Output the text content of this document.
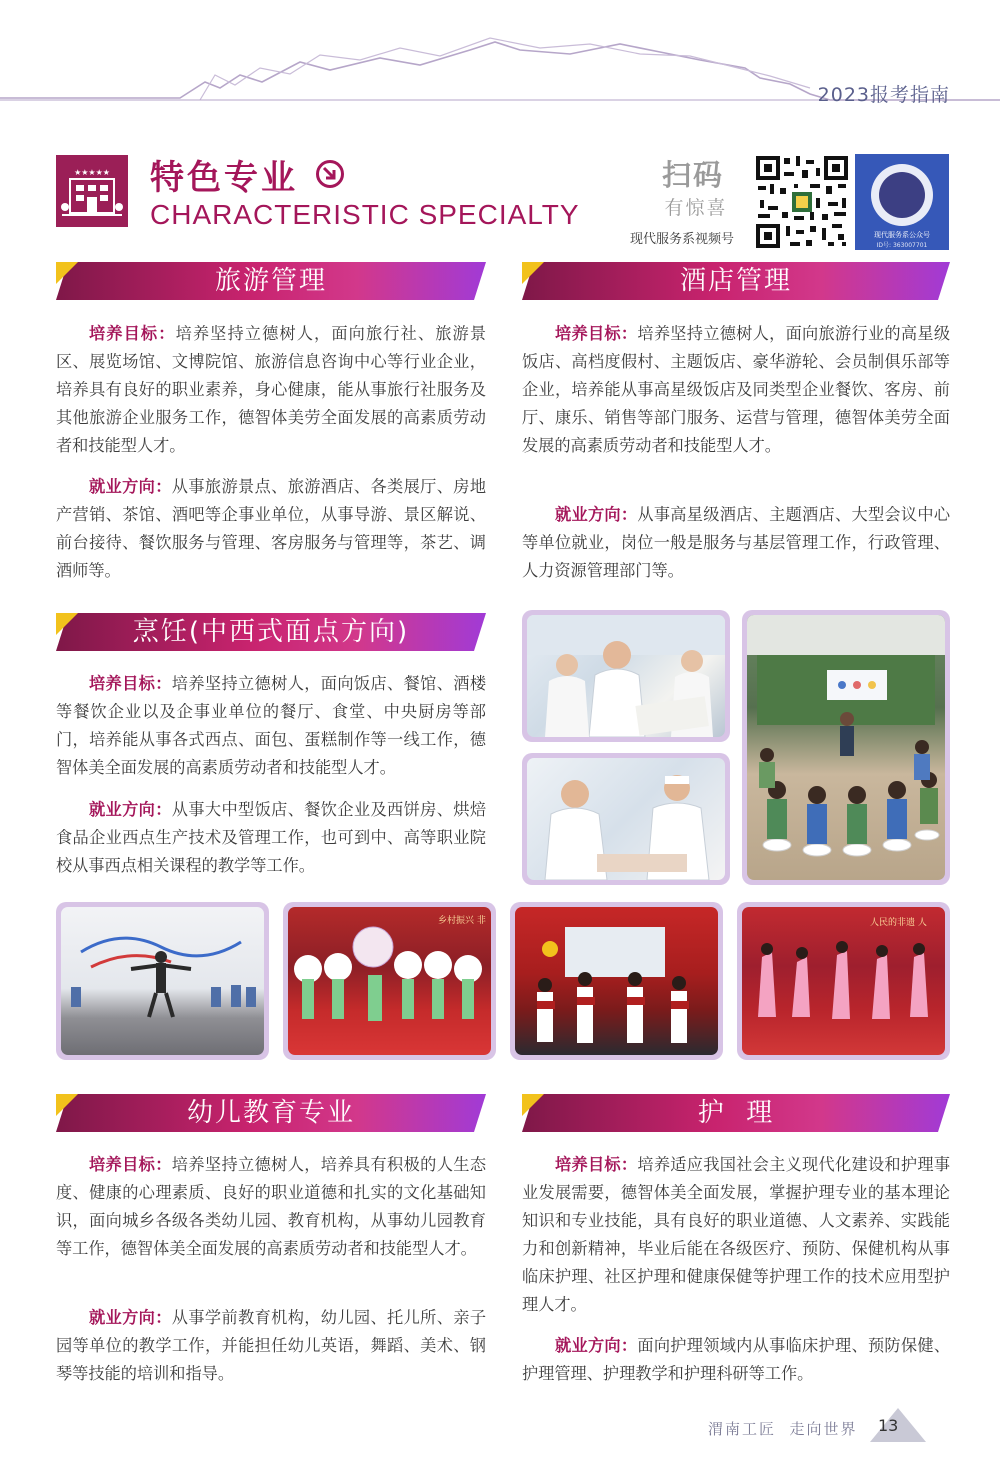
2023报考指南
★★★★★ 特色专业
CHARACTERISTIC SPECIALTY
扫码
有惊喜
现代服务系视频号	现代服务系公众号
ID号: 363007701
旅游管理
培养目标：培养坚持立德树人，面向旅行社、旅游景区、展览场馆、文博院馆、旅游信息咨询中心等行业企业，培养具有良好的职业素养，身心健康，能从事旅行社服务及其他旅游企业服务工作，德智体美劳全面发展的高素质劳动者和技能型人才。
就业方向：从事旅游景点、旅游酒店、各类展厅、房地产营销、茶馆、酒吧等企事业单位，从事导游、景区解说、前台接待、餐饮服务与管理、客房服务与管理等，茶艺、调酒师等。
酒店管理
培养目标：培养坚持立德树人，面向旅游行业的高星级饭店、高档度假村、主题饭店、豪华游轮、会员制俱乐部等企业，培养能从事高星级饭店及同类型企业餐饮、客房、前厅、康乐、销售等部门服务、运营与管理，德智体美劳全面发展的高素质劳动者和技能型人才。
就业方向：从事高星级酒店、主题酒店、大型会议中心等单位就业，岗位一般是服务与基层管理工作，行政管理、人力资源管理部门等。
烹饪(中西式面点方向)
培养目标：培养坚持立德树人，面向饭店、餐馆、酒楼等餐饮企业以及企事业单位的餐厅、食堂、中央厨房等部门，培养能从事各式西点、面包、蛋糕制作等一线工作，德智体美全面发展的高素质劳动者和技能型人才。
就业方向：从事大中型饭店、餐饮企业及西饼房、烘焙食品企业西点生产技术及管理工作，也可到中、高等职业院校从事西点相关课程的教学等工作。
乡村振兴 非	人民的非遗 人
幼儿教育专业
培养目标：培养坚持立德树人，培养具有积极的人生态度、健康的心理素质、良好的职业道德和扎实的文化基础知识，面向城乡各级各类幼儿园、教育机构，从事幼儿园教育等工作，德智体美全面发展的高素质劳动者和技能型人才。
就业方向：从事学前教育机构，幼儿园、托儿所、亲子园等单位的教学工作，并能担任幼儿英语，舞蹈、美术、钢琴等技能的培训和指导。
护  理
培养目标：培养适应我国社会主义现代化建设和护理事业发展需要，德智体美全面发展，掌握护理专业的基本理论知识和专业技能，具有良好的职业道德、人文素养、实践能力和创新精神，毕业后能在各级医疗、预防、保健机构从事临床护理、社区护理和健康保健等护理工作的技术应用型护理人才。
就业方向：面向护理领域内从事临床护理、预防保健、护理管理、护理教学和护理科研等工作。
渭南工匠  走向世界 13
